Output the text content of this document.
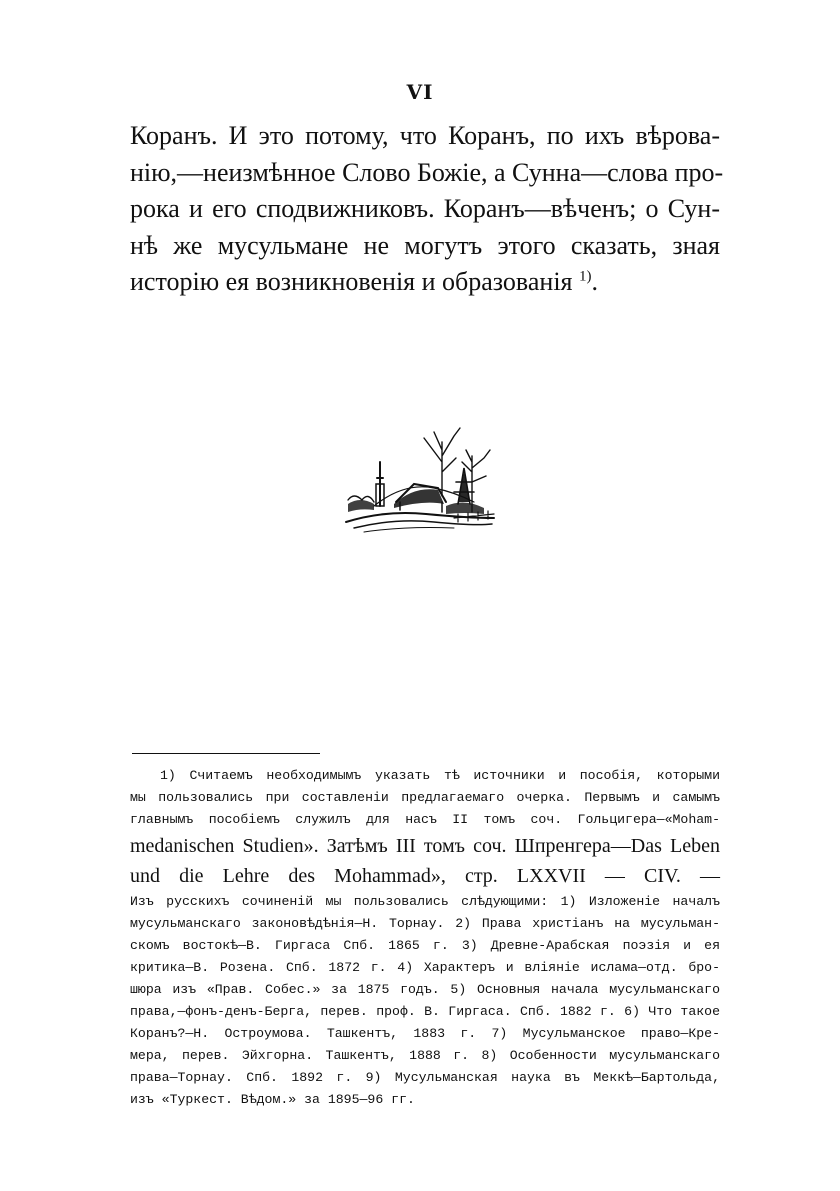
VI
Коранъ. И это потому, что Коранъ, по ихъ вѣрова-
нію,—неизмѣнное Слово Божіе, а Сунна—слова про-
рока и его сподвижниковъ. Коранъ—вѣченъ; о Сун-
нѣ же мусульмане не могутъ этого сказать, зная
исторію ея возникновенія и образованія $^{1)}$.
1) Считаемъ необходимымъ указать тѣ источники и пособія, которыми
мы пользовались при составленіи предлагаемаго очерка. Первымъ и самымъ
главнымъ пособіемъ служилъ для насъ II томъ соч. Гольцигера—«Moham-
medanischen Studien». Затѣмъ III томъ соч. Шпренгера—Das Leben
und die Lehre des Mohammad», стр. LXXVII — CIV. —
Изъ русскихъ сочиненій мы пользовались слѣдующими: 1) Изложеніе началъ
мусульманскаго законовѣдѣнія—Н. Торнау. 2) Права христіанъ на мусульман-
скомъ востокѣ—В. Гиргаса Спб. 1865 г. 3) Древне-Арабская поэзія и ея
критика—В. Розена. Спб. 1872 г. 4) Характеръ и вліяніе ислама—отд. бро-
шюра изъ «Прав. Собес.» за 1875 годъ. 5) Основныя начала мусульманскаго
права,—фонъ-денъ-Берга, перев. проф. В. Гиргаса. Спб. 1882 г. 6) Что такое
Коранъ?—Н. Остроумова. Ташкентъ, 1883 г. 7) Мусульманское право—Кре-
мера, перев. Эйхгорна. Ташкентъ, 1888 г. 8) Особенности мусульманскаго
права—Торнау. Спб. 1892 г. 9) Мусульманская наука въ Меккѣ—Бартольда,
изъ «Туркест. Вѣдом.» за 1895—96 гг.
